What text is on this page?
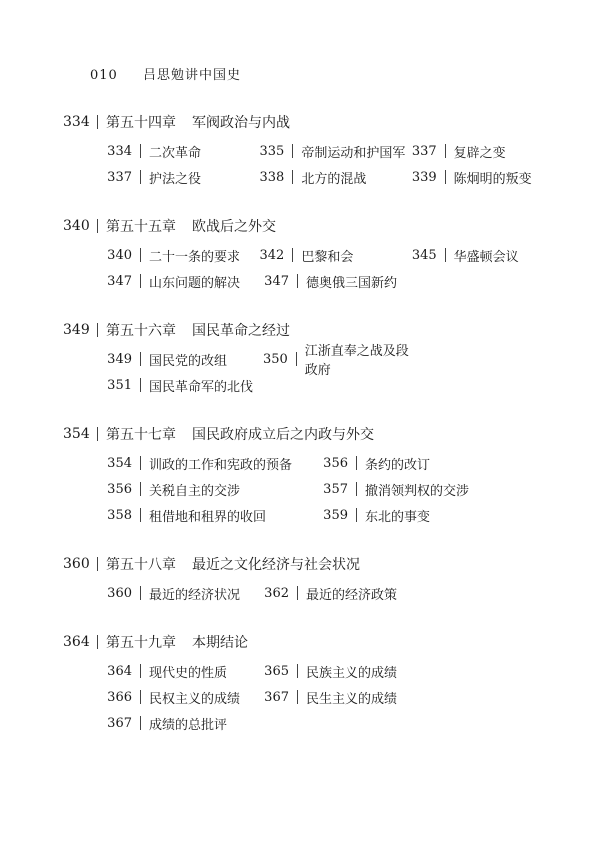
010 吕思勉讲中国史
334 第五十四章 军阀政治与内战
334 二次革命	335 帝制运动和护国军 337 复辟之变
337 护法之役	338 北方的混战	339 陈炯明的叛变
340 第五十五章 欧战后之外交
340 二十一条的要求 342 巴黎和会	345 华盛顿会议
347 山东问题的解决 347 德奥俄三国新约
349 第五十六章 国民革命之经过
349 国民党的改组	350 江浙直奉之战及段政府
351 国民革命军的北伐
354 第五十七章 国民政府成立后之内政与外交
354 训政的工作和宪政的预备 356 条约的改订
356 关税自主的交涉	357 撤消领判权的交涉
358 租借地和租界的收回	359 东北的事变
360 第五十八章 最近之文化经济与社会状况
360 最近的经济状况 362 最近的经济政策
364 第五十九章 本期结论
364 现代史的性质	365 民族主义的成绩
366 民权主义的成绩 367 民生主义的成绩
367 成绩的总批评
